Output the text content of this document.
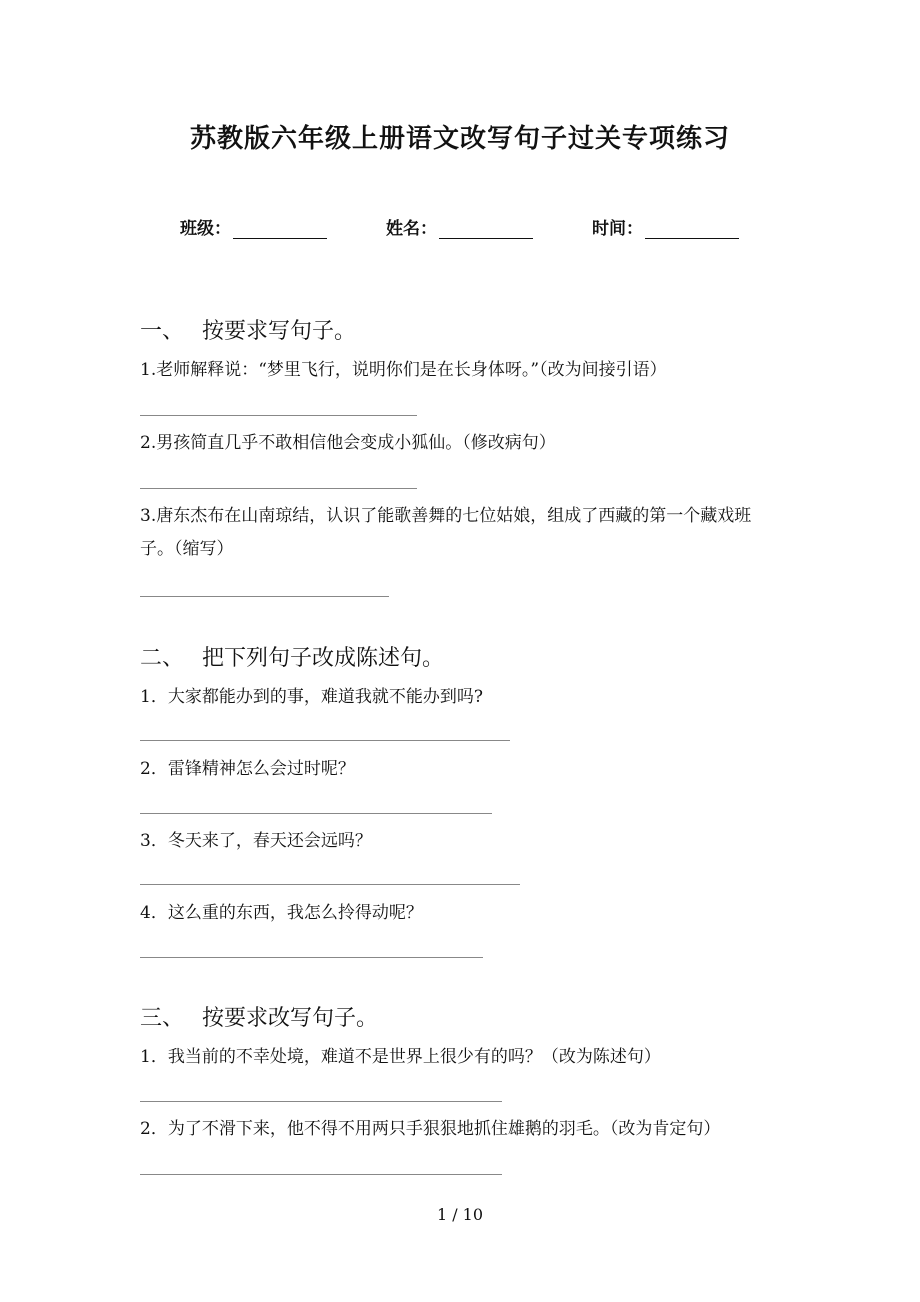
苏教版六年级上册语文改写句子过关专项练习
班级：	姓名：	时间：
一、 按要求写句子。
1.老师解释说：“梦里飞行，说明你们是在长身体呀。”（改为间接引语）
2.男孩简直几乎不敢相信他会变成小狐仙。（修改病句）
3.唐东杰布在山南琼结，认识了能歌善舞的七位姑娘，组成了西藏的第一个藏戏班子。（缩写）
二、 把下列句子改成陈述句。
1．大家都能办到的事，难道我就不能办到吗?
2．雷锋精神怎么会过时呢？
3．冬天来了，春天还会远吗？
4．这么重的东西，我怎么拎得动呢？
三、 按要求改写句子。
1．我当前的不幸处境，难道不是世界上很少有的吗？（改为陈述句）
2．为了不滑下来，他不得不用两只手狠狠地抓住雄鹅的羽毛。（改为肯定句）
1 / 10
